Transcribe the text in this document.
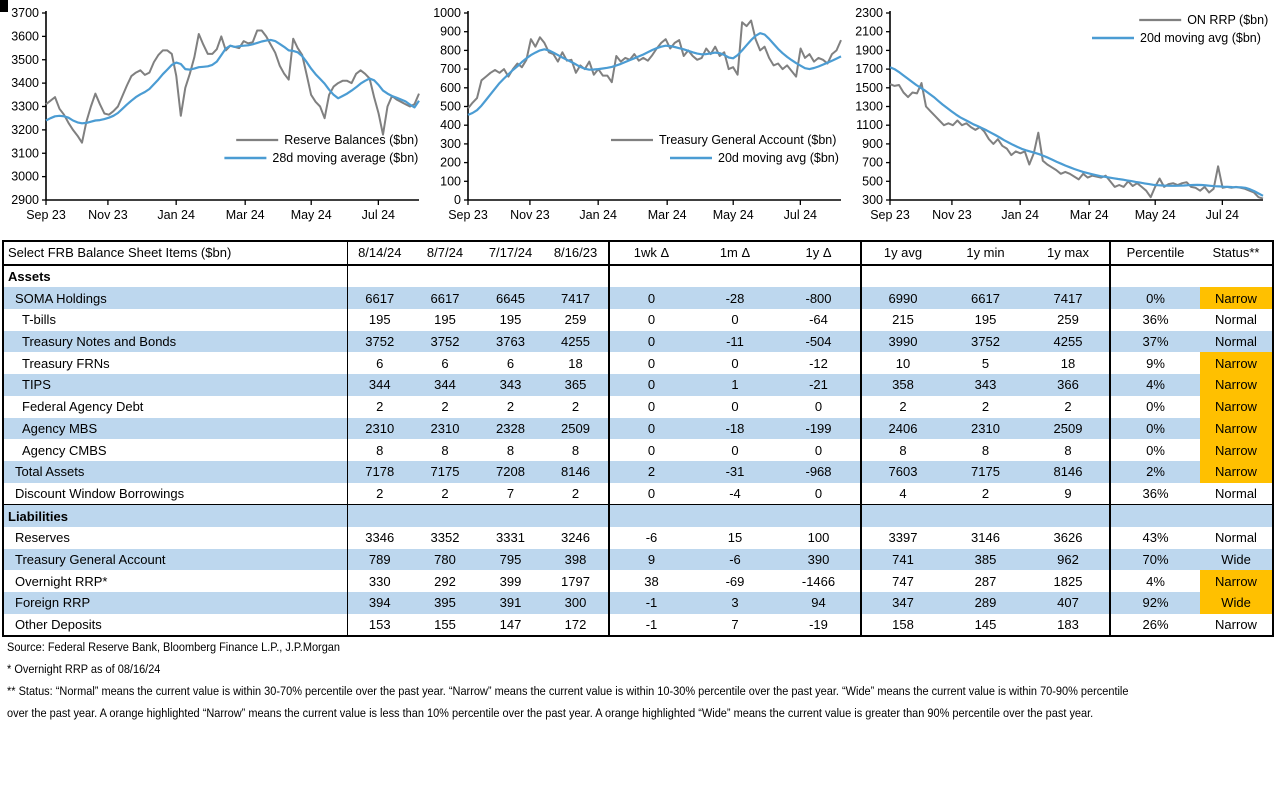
2900
3000
3100
3200
3300
3400
3500
3600
3700
Sep 23 Nov 23 Jan 24 Mar 24 May 24 Jul 24
Reserve Balances ($bn)
28d moving average ($bn)
0
100
200
300
400
500
600
700
800
900
1000
Sep 23 Nov 23 Jan 24 Mar 24 May 24 Jul 24
Treasury General Account ($bn)
20d moving avg ($bn)
300
500
700
900
1100
1300
1500
1700
1900
2100
2300
Sep 23 Nov 23 Jan 24 Mar 24 May 24 Jul 24
ON RRP ($bn)
20d moving avg ($bn)
Select FRB Balance Sheet Items ($bn)	8/14/24	8/7/24	7/17/24	8/16/23	1wk Δ	1m Δ	1y Δ	1y avg	1y min	1y max	Percentile	Status**
Assets												
SOMA Holdings	6617	6617	6645	7417	0	-28	-800	6990	6617	7417	0%	Narrow
T-bills	195	195	195	259	0	0	-64	215	195	259	36%	Normal
Treasury Notes and Bonds	3752	3752	3763	4255	0	-11	-504	3990	3752	4255	37%	Normal
Treasury FRNs	6	6	6	18	0	0	-12	10	5	18	9%	Narrow
TIPS	344	344	343	365	0	1	-21	358	343	366	4%	Narrow
Federal Agency Debt	2	2	2	2	0	0	0	2	2	2	0%	Narrow
Agency MBS	2310	2310	2328	2509	0	-18	-199	2406	2310	2509	0%	Narrow
Agency CMBS	8	8	8	8	0	0	0	8	8	8	0%	Narrow
Total Assets	7178	7175	7208	8146	2	-31	-968	7603	7175	8146	2%	Narrow
Discount Window Borrowings	2	2	7	2	0	-4	0	4	2	9	36%	Normal
Liabilities												
Reserves	3346	3352	3331	3246	-6	15	100	3397	3146	3626	43%	Normal
Treasury General Account	789	780	795	398	9	-6	390	741	385	962	70%	Wide
Overnight RRP*	330	292	399	1797	38	-69	-1466	747	287	1825	4%	Narrow
Foreign RRP	394	395	391	300	-1	3	94	347	289	407	92%	Wide
Other Deposits	153	155	147	172	-1	7	-19	158	145	183	26%	Narrow

Source: Federal Reserve Bank, Bloomberg Finance L.P., J.P.Morgan

* Overnight RRP as of 08/16/24

** Status: “Normal” means the current value is within 30-70% percentile over the past year. “Narrow” means the current value is within 10-30% percentile over the past year. “Wide” means the current value is within 70-90% percentile

over the past year. A orange highlighted “Narrow” means the current value is less than 10% percentile over the past year. A orange highlighted “Wide” means the current value is greater than 90% percentile over the past year.
